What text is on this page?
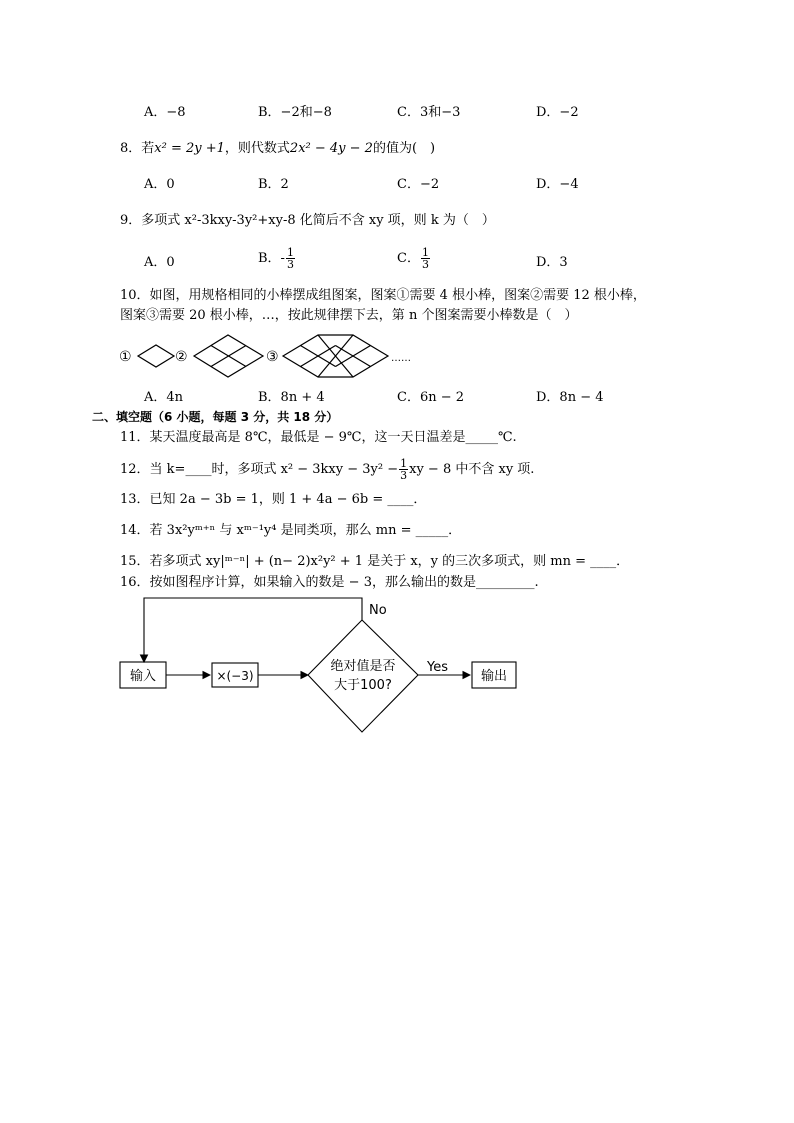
A．−8	B．−2和−8	C．3和−3	D．−2
8．若x² = 2y +1，则代数式2x² − 4y − 2的值为(　)
A．0	B．2	C．−2	D．−4
9．多项式 x²-3kxy-3y²+xy-8 化简后不含 xy 项，则 k 为（　）
A．0	B．- $\frac{1}{3}$	C． $\frac{1}{3}$	D．3
10．如图，用规格相同的小棒摆成组图案，图案①需要 4 根小棒，图案②需要 12 根小棒，
图案③需要 20 根小棒，…，按此规律摆下去，第 n 个图案需要小棒数是（　）
①	②	③	……
A．4n	B．8n + 4	C．6n − 2	D．8n − 4
二、填空题（6 小题，每题 3 分，共 18 分）
11．某天温度最高是 8℃，最低是 − 9℃，这一天日温差是_____℃.
12．当 k=____时，多项式 $x^2 - 3kxy - 3y^2 - \frac{1}{3}$ xy − 8 中不含 xy 项.
13．已知 2a − 3b = 1，则 1 + 4a − 6b = ____．
14．若 3x²yᵐ⁺ⁿ 与 xᵐ⁻¹y⁴ 是同类项，那么 mn = _____．
15．若多项式 xy|ᵐ⁻ⁿ| + (n− 2)x²y² + 1 是关于 x，y 的三次多项式，则 mn = ____．
16．按如图程序计算，如果输入的数是 − 3，那么输出的数是_________.
输入	×(−3)
绝对值是否
大于100?
Yes
No
输出
